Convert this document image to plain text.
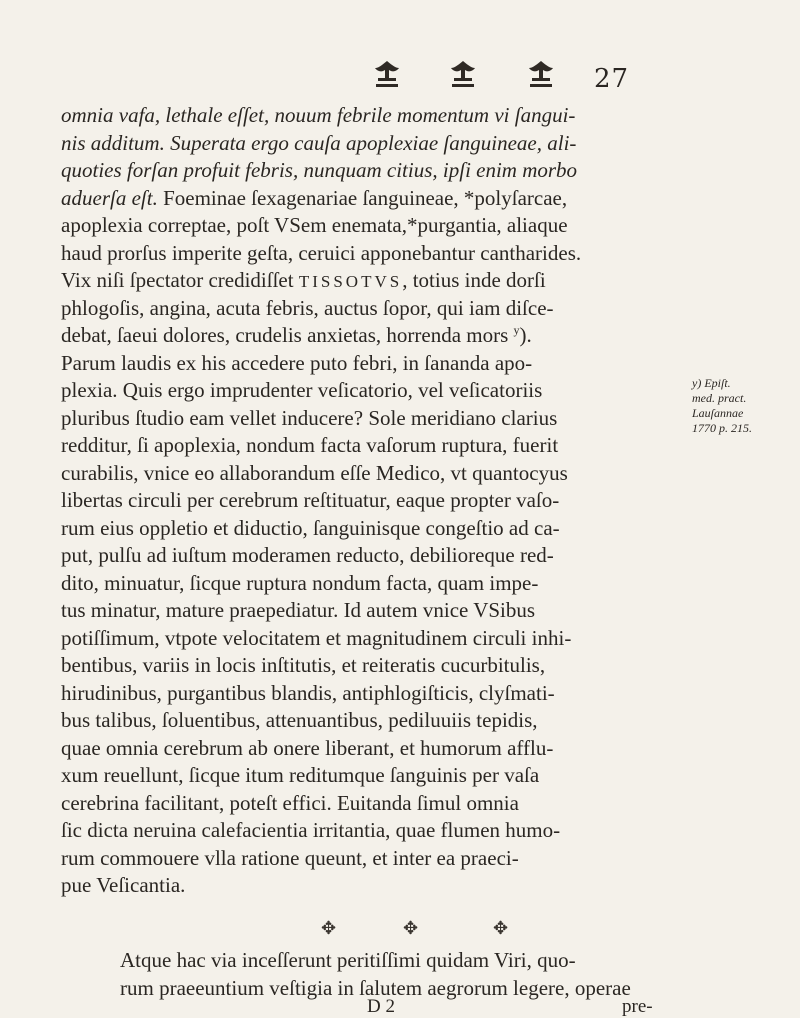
27
omnia vafa, lethale eſſet, nouum febrile momentum vi ſangui-
nis additum. Superata ergo cauſa apoplexiae ſanguineae, ali-
quoties forſan profuit febris, nunquam citius, ipſi enim morbo
aduerſa eſt. Foeminae ſexagenariae ſanguineae, *polyſarcae,
apoplexia correptae, poſt VSem enemata,*purgantia, aliaque
haud prorſus imperite geſta, ceruici apponebantur cantharides.
Vix niſi ſpectator credidiſſet TISSOTVS, totius inde dorſi
phlogoſis, angina, acuta febris, auctus ſopor, qui iam diſce-
debat, ſaeui dolores, crudelis anxietas, horrenda mors $^y$).
Parum laudis ex his accedere puto febri, in ſananda apo-
plexia. Quis ergo imprudenter veſicatorio, vel veſicatoriis
pluribus ſtudio eam vellet inducere? Sole meridiano clarius
redditur, ſi apoplexia, nondum facta vaſorum ruptura, fuerit
curabilis, vnice eo allaborandum eſſe Medico, vt quantocyus
libertas circuli per cerebrum reſtituatur, eaque propter vaſo-
rum eius oppletio et diductio, ſanguinisque congeſtio ad ca-
put, pulſu ad iuſtum moderamen reducto, debilioreque red-
dito, minuatur, ſicque ruptura nondum facta, quam impe-
tus minatur, mature praepediatur. Id autem vnice VSibus
potiſſimum, vtpote velocitatem et magnitudinem circuli inhi-
bentibus, variis in locis inſtitutis, et reiteratis cucurbitulis,
hirudinibus, purgantibus blandis, antiphlogiſticis, clyſmati-
bus talibus, ſoluentibus, attenuantibus, pediluuiis tepidis,
quae omnia cerebrum ab onere liberant, et humorum afflu-
xum reuellunt, ſicque itum reditumque ſanguinis per vaſa
cerebrina facilitant, poteſt effici. Euitanda ſimul omnia
ſic dicta neruina calefacientia irritantia, quae flumen humo-
rum commouere vlla ratione queunt, et inter ea praeci-
pue Veſicantia.
y) Epiſt.
med. pract.
Lauſannae
1770 p. 215.
✥	✥	✥
Atque hac via inceſſerunt peritiſſimi quidam Viri, quo-
rum praeeuntium veſtigia in ſalutem aegrorum legere, operae
D 2	pre-
